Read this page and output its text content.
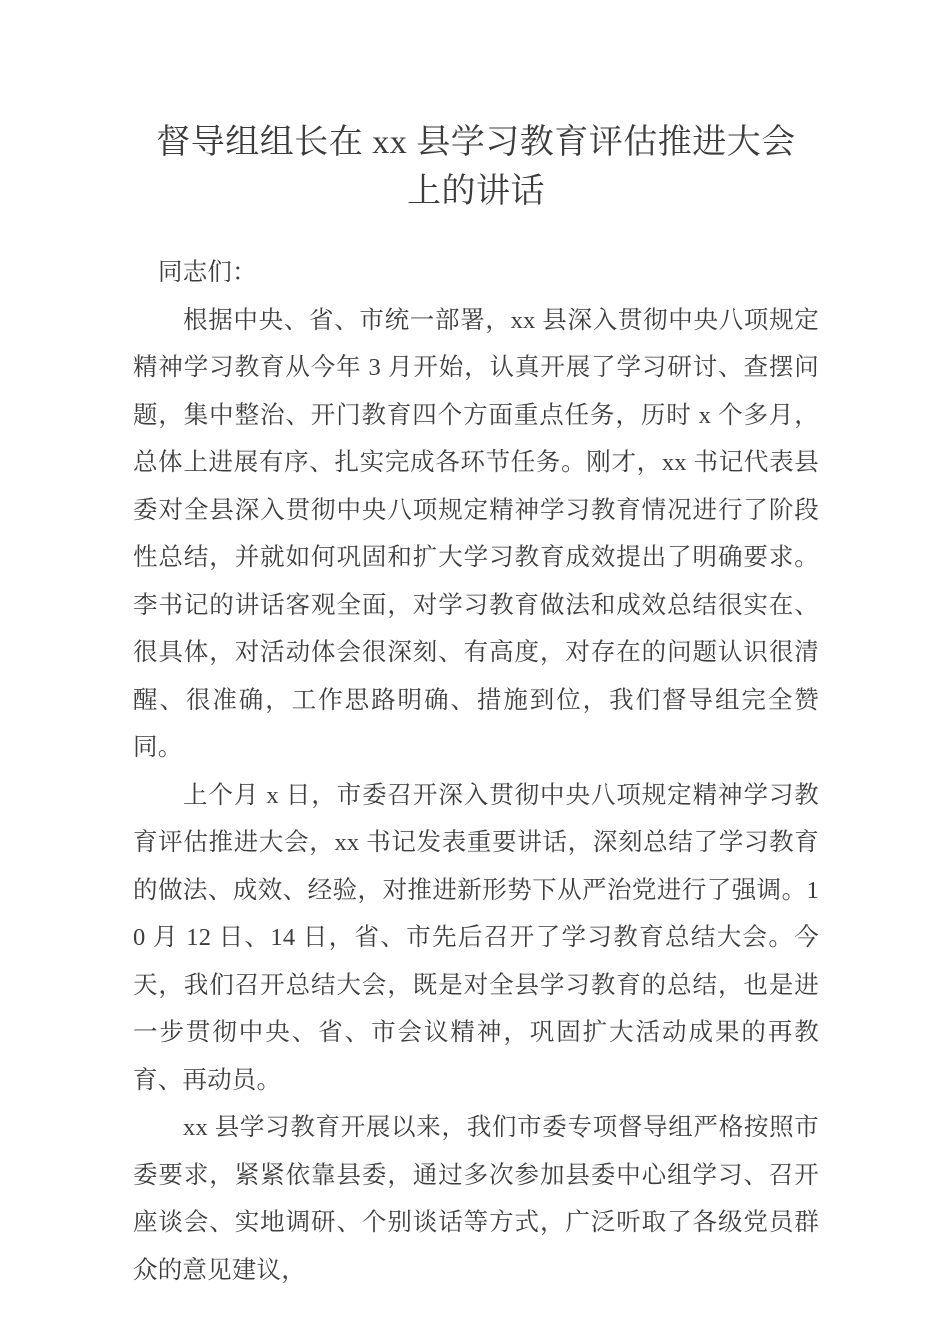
督导组组长在 xx 县学习教育评估推进大会
上的讲话

同志们：

根据中央、省、市统一部署，xx 县深入贯彻中央八项规定精神学习教育从今年 3 月开始，认真开展了学习研讨、查摆问题，集中整治、开门教育四个方面重点任务，历时 x 个多月，总体上进展有序、扎实完成各环节任务。刚才，xx 书记代表县委对全县深入贯彻中央八项规定精神学习教育情况进行了阶段性总结，并就如何巩固和扩大学习教育成效提出了明确要求。李书记的讲话客观全面，对学习教育做法和成效总结很实在、很具体，对活动体会很深刻、有高度，对存在的问题认识很清醒、很准确，工作思路明确、措施到位，我们督导组完全赞同。

上个月 x 日，市委召开深入贯彻中央八项规定精神学习教育评估推进大会，xx 书记发表重要讲话，深刻总结了学习教育的做法、成效、经验，对推进新形势下从严治党进行了强调。10 月 12 日、14 日，省、市先后召开了学习教育总结大会。今天，我们召开总结大会，既是对全县学习教育的总结，也是进一步贯彻中央、省、市会议精神，巩固扩大活动成果的再教育、再动员。

xx 县学习教育开展以来，我们市委专项督导组严格按照市委要求，紧紧依靠县委，通过多次参加县委中心组学习、召开座谈会、实地调研、个别谈话等方式，广泛听取了各级党员群众的意见建议，
